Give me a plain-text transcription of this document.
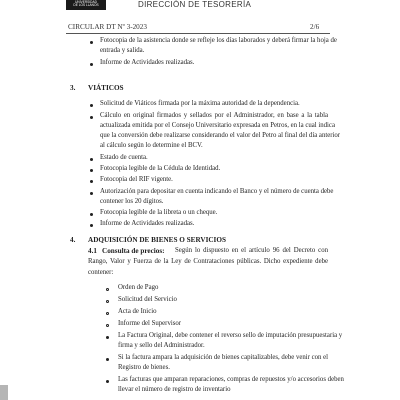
UNIVERSIDAD
DE LOS LLANOS	DIRECCIÓN DE TESORERÍA
CIRCULAR DT Nº 3-2023	2/6
Fotocopia de la asistencia donde se refleje los días laborados y deberá firmar la hoja de
entrada y salida.
Informe de Actividades realizadas.
3. VIÁTICOS
Solicitud de Viáticos firmada por la máxima autoridad de la dependencia.
Cálculo en original firmados y sellados por el Administrador, en base a la tabla
actualizada emitida por el Consejo Universitario expresada en Petros, en la cual indica
que la conversión debe realizarse considerando el valor del Petro al final del día anterior
al cálculo según lo determine el BCV.
Estado de cuenta.
Fotocopia legible de la Cédula de Identidad.
Fotocopia del RIF vigente.
Autorización para depositar en cuenta indicando el Banco y el número de cuenta debe
contener los 20 dígitos.
Fotocopia legible de la libreta o un cheque.
Informe de Actividades realizadas.
4. ADQUISICIÓN DE BIENES O SERVICIOS
4.1 Consulta de precios: Según lo dispuesto en el artículo 96 del Decreto con
Rango, Valor y Fuerza de la Ley de Contrataciones públicas. Dicho expediente debe
contener:
Orden de Pago
Solicitud del Servicio
Acta de Inicio
Informe del Supervisor
La Factura Original, debe contener el reverso sello de imputación presupuestaria y
firma y sello del Administrador.
Si la factura ampara la adquisición de bienes capitalizables, debe venir con el
Registro de bienes.
Las facturas que amparan reparaciones, compras de repuestos y/o accesorios deben
llevar el número de registro de inventario
